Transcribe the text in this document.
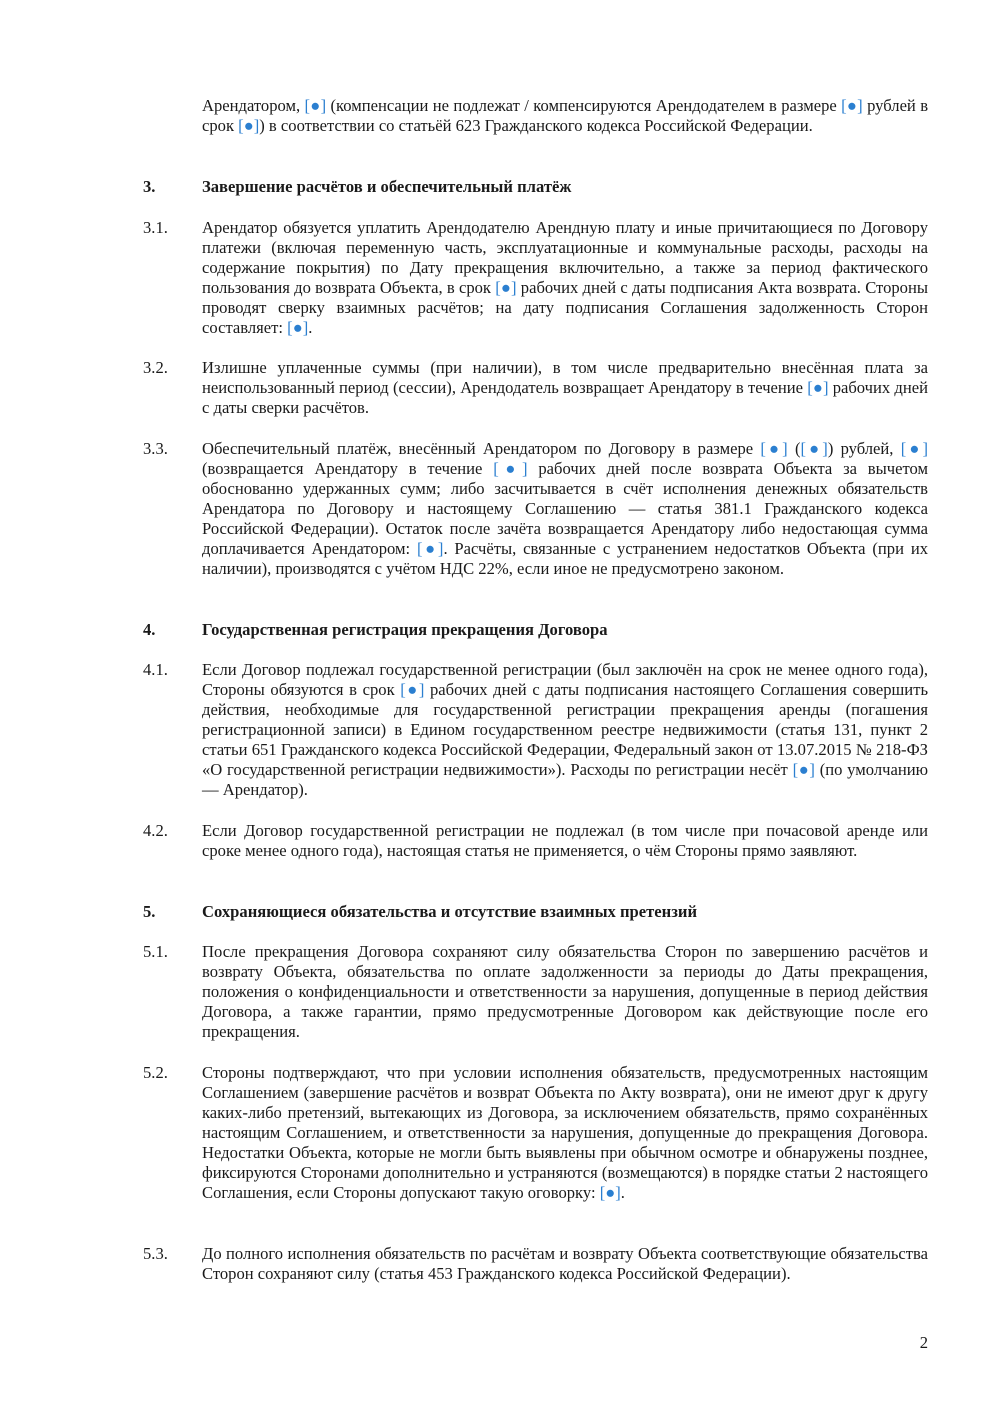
Арендатором, [●] (компенсации не подлежат / компенсируются Арендодателем в размере [●] рублей в срок [●]) в соответствии со статьёй 623 Гражданского кодекса Российской Федерации.
3.	Завершение расчётов и обеспечительный платёж
3.1. Арендатор обязуется уплатить Арендодателю Арендную плату и иные причитающиеся по Договору платежи (включая переменную часть, эксплуатационные и коммунальные расходы, расходы на содержание покрытия) по Дату прекращения включительно, а также за период фактического пользования до возврата Объекта, в срок [●] рабочих дней с даты подписания Акта возврата. Стороны проводят сверку взаимных расчётов; на дату подписания Соглашения задолженность Сторон составляет: [●].
3.2. Излишне уплаченные суммы (при наличии), в том числе предварительно внесённая плата за неиспользованный период (сессии), Арендодатель возвращает Арендатору в течение [●] рабочих дней с даты сверки расчётов.
3.3. Обеспечительный платёж, внесённый Арендатором по Договору в размере [●] ([●]) рублей, [●] (возвращается Арендатору в течение [●] рабочих дней после возврата Объекта за вычетом обоснованно удержанных сумм; либо засчитывается в счёт исполнения денежных обязательств Арендатора по Договору и настоящему Соглашению — статья 381.1 Гражданского кодекса Российской Федерации). Остаток после зачёта возвращается Арендатору либо недостающая сумма доплачивается Арендатором: [●]. Расчёты, связанные с устранением недостатков Объекта (при их наличии), производятся с учётом НДС 22%, если иное не предусмотрено законом.
4.	Государственная регистрация прекращения Договора
4.1. Если Договор подлежал государственной регистрации (был заключён на срок не менее одного года), Стороны обязуются в срок [●] рабочих дней с даты подписания настоящего Соглашения совершить действия, необходимые для государственной регистрации прекращения аренды (погашения регистрационной записи) в Едином государственном реестре недвижимости (статья 131, пункт 2 статьи 651 Гражданского кодекса Российской Федерации, Федеральный закон от 13.07.2015 № 218-ФЗ «О государственной регистрации недвижимости»). Расходы по регистрации несёт [●] (по умолчанию — Арендатор).
4.2. Если Договор государственной регистрации не подлежал (в том числе при почасовой аренде или сроке менее одного года), настоящая статья не применяется, о чём Стороны прямо заявляют.
5.	Сохраняющиеся обязательства и отсутствие взаимных претензий
5.1. После прекращения Договора сохраняют силу обязательства Сторон по завершению расчётов и возврату Объекта, обязательства по оплате задолженности за периоды до Даты прекращения, положения о конфиденциальности и ответственности за нарушения, допущенные в период действия Договора, а также гарантии, прямо предусмотренные Договором как действующие после его прекращения.
5.2. Стороны подтверждают, что при условии исполнения обязательств, предусмотренных настоящим Соглашением (завершение расчётов и возврат Объекта по Акту возврата), они не имеют друг к другу каких-либо претензий, вытекающих из Договора, за исключением обязательств, прямо сохранённых настоящим Соглашением, и ответственности за нарушения, допущенные до прекращения Договора. Недостатки Объекта, которые не могли быть выявлены при обычном осмотре и обнаружены позднее, фиксируются Сторонами дополнительно и устраняются (возмещаются) в порядке статьи 2 настоящего Соглашения, если Стороны допускают такую оговорку: [●].
5.3. До полного исполнения обязательств по расчётам и возврату Объекта соответствующие обязательства Сторон сохраняют силу (статья 453 Гражданского кодекса Российской Федерации).
2
